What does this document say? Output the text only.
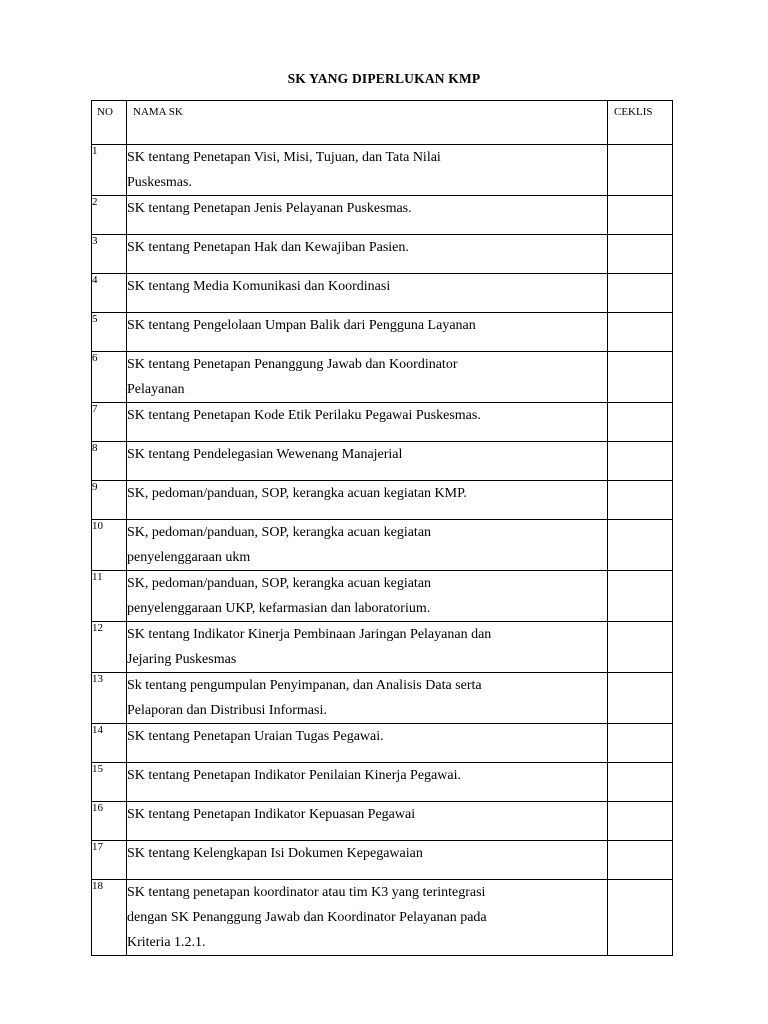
SK YANG DIPERLUKAN KMP
NO	NAMA SK	CEKLIS
1	SK tentang Penetapan Visi, Misi, Tujuan, dan Tata Nilai
Puskesmas.	

2	SK tentang Penetapan Jenis Pelayanan Puskesmas.	

3	SK tentang Penetapan Hak dan Kewajiban Pasien.	

4	SK tentang Media Komunikasi dan Koordinasi	

5	SK tentang Pengelolaan Umpan Balik dari Pengguna Layanan	

6	SK tentang Penetapan Penanggung Jawab dan Koordinator
Pelayanan	

7	SK tentang Penetapan Kode Etik Perilaku Pegawai Puskesmas.	

8	SK tentang Pendelegasian Wewenang Manajerial	

9	SK, pedoman/panduan, SOP, kerangka acuan kegiatan KMP.	

10	SK, pedoman/panduan, SOP, kerangka acuan kegiatan
penyelenggaraan ukm	

11	SK, pedoman/panduan, SOP, kerangka acuan kegiatan
penyelenggaraan UKP, kefarmasian dan laboratorium.	

12	SK tentang Indikator Kinerja Pembinaan Jaringan Pelayanan dan
Jejaring Puskesmas	

13	Sk tentang pengumpulan Penyimpanan, dan Analisis Data serta
Pelaporan dan Distribusi Informasi.	

14	SK tentang Penetapan Uraian Tugas Pegawai.	

15	SK tentang Penetapan Indikator Penilaian Kinerja Pegawai.	

16	SK tentang Penetapan Indikator Kepuasan Pegawai	

17	SK tentang Kelengkapan Isi Dokumen Kepegawaian	

18	SK tentang penetapan koordinator atau tim K3 yang terintegrasi
dengan SK Penanggung Jawab dan Koordinator Pelayanan pada
Kriteria 1.2.1.	
